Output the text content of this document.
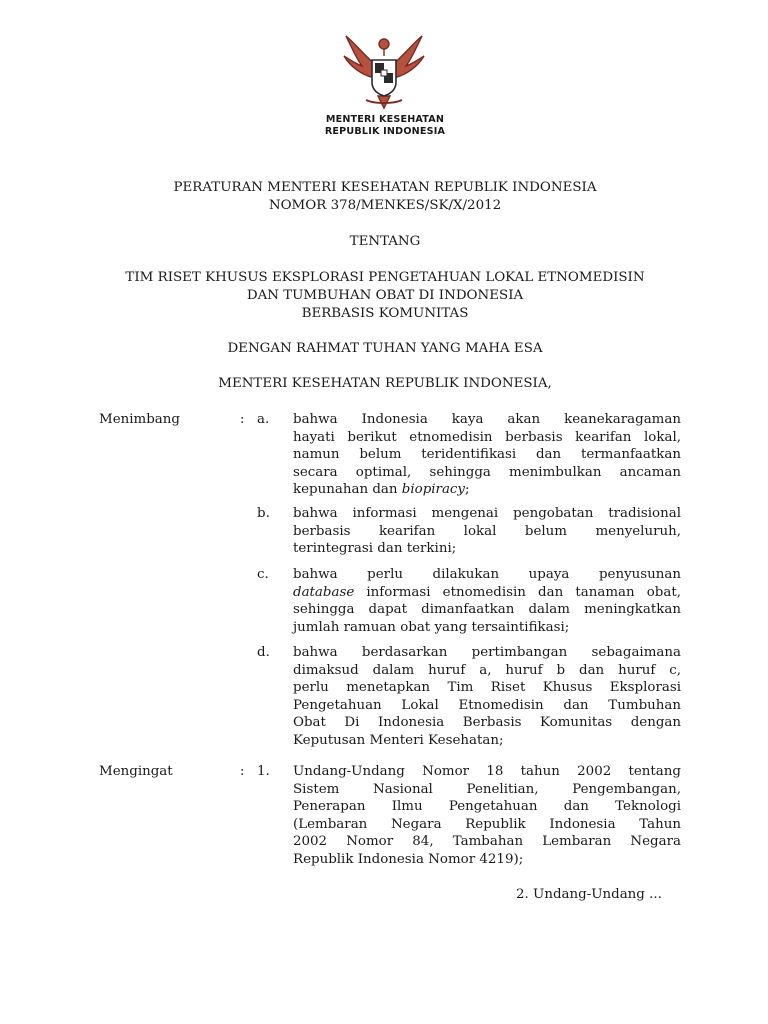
MENTERI KESEHATAN
REPUBLIK INDONESIA
PERATURAN MENTERI KESEHATAN REPUBLIK INDONESIA
NOMOR 378/MENKES/SK/X/2012
TENTANG
TIM RISET KHUSUS EKSPLORASI PENGETAHUAN LOKAL ETNOMEDISIN
DAN TUMBUHAN OBAT DI INDONESIA
BERBASIS KOMUNITAS
DENGAN RAHMAT TUHAN YANG MAHA ESA
MENTERI KESEHATAN REPUBLIK INDONESIA,
Menimbang	: a. bahwa Indonesia kaya akan keanekaragaman
hayati berikut etnomedisin berbasis kearifan lokal,
namun belum teridentifikasi dan termanfaatkan
secara optimal, sehingga menimbulkan ancaman
kepunahan dan biopiracy;
b. bahwa informasi mengenai pengobatan tradisional
berbasis kearifan lokal belum menyeluruh,
terintegrasi dan terkini;
c. bahwa perlu dilakukan upaya penyusunan
database informasi etnomedisin dan tanaman obat,
sehingga dapat dimanfaatkan dalam meningkatkan
jumlah ramuan obat yang tersaintifikasi;
d. bahwa berdasarkan pertimbangan sebagaimana
dimaksud dalam huruf a, huruf b dan huruf c,
perlu menetapkan Tim Riset Khusus Eksplorasi
Pengetahuan Lokal Etnomedisin dan Tumbuhan
Obat Di Indonesia Berbasis Komunitas dengan
Keputusan Menteri Kesehatan;
Mengingat	: 1. Undang-Undang Nomor 18 tahun 2002 tentang
Sistem Nasional Penelitian, Pengembangan,
Penerapan Ilmu Pengetahuan dan Teknologi
(Lembaran Negara Republik Indonesia Tahun
2002 Nomor 84, Tambahan Lembaran Negara
Republik Indonesia Nomor 4219);
2. Undang-Undang ...
